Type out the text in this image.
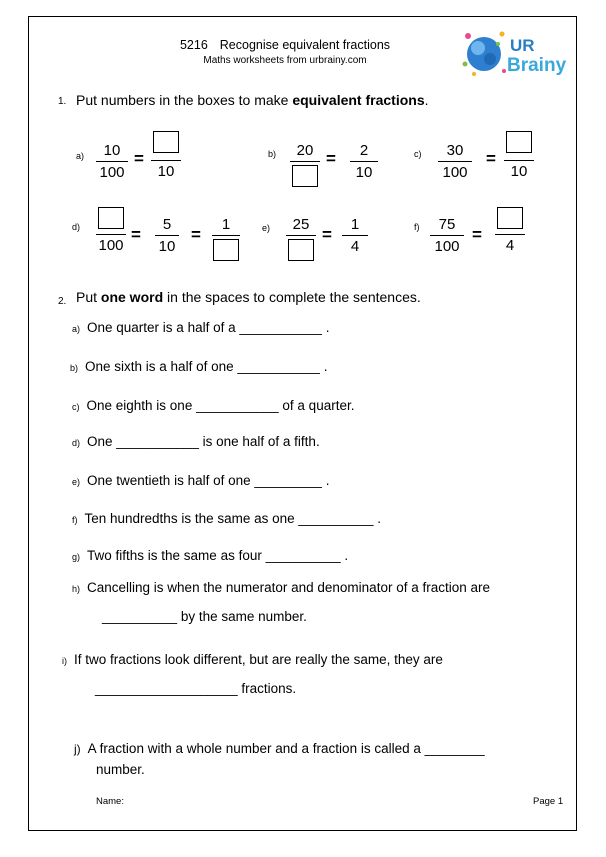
5216 Recognise equivalent fractions
Maths worksheets from urbrainy.com
UR
Brainy
1. Put numbers in the boxes to make equivalent fractions.
a) 10
100
=
10
b) 20 = 2
10
c) 30
100
=
10
d)
100
=
5
10
=
1	e) 25
=
1
4
f) 75
100
=
4
2. Put one word in the spaces to complete the sentences.
a) One quarter is a half of a ___________ .
b) One sixth is a half of one ___________ .
c) One eighth is one ___________ of a quarter.
d) One ___________ is one half of a fifth.
e) One twentieth is half of one _________ .
f) Ten hundredths is the same as one __________ .
g) Two fifths is the same as four __________ .
h) Cancelling is when the numerator and denominator of a fraction are
__________ by the same number.
i) If two fractions look different, but are really the same, they are
___________________ fractions.
j) A fraction with a whole number and a fraction is called a ________
number.
Name:	Page 1
